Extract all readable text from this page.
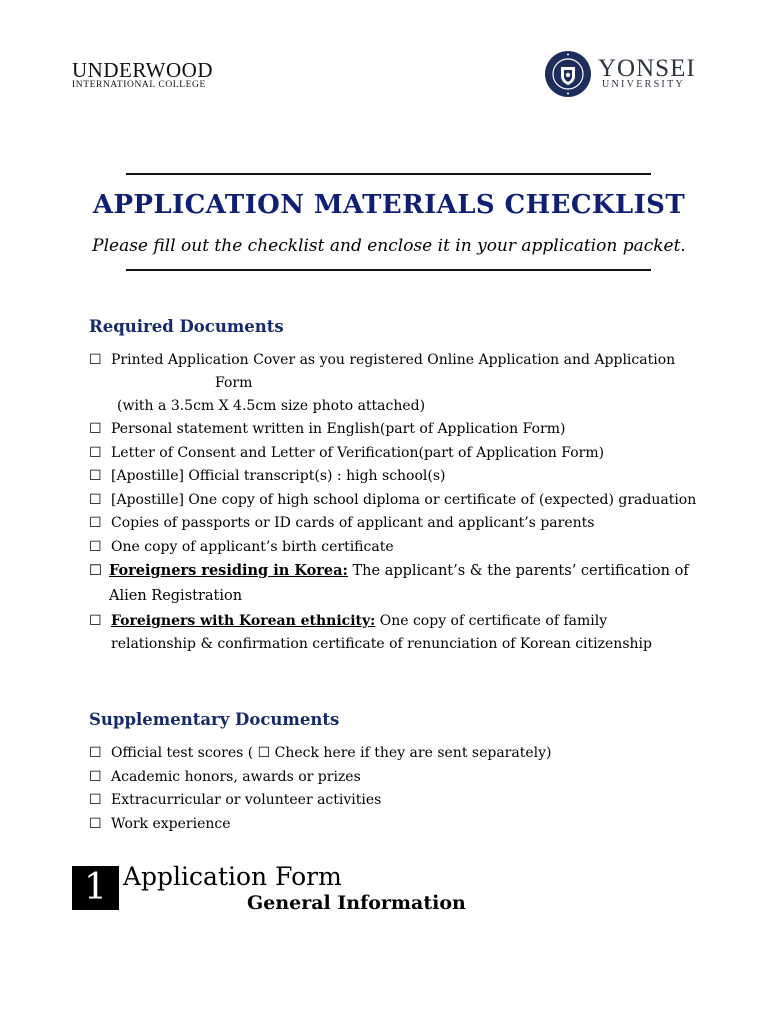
UNDERWOOD
INTERNATIONAL COLLEGE
YONSEI
UNIVERSITY
APPLICATION MATERIALS CHECKLIST
Please fill out the checklist and enclose it in your application packet.
Required Documents
☐ Printed Application Cover as you registered Online Application and Application
Form
(with a 3.5cm X 4.5cm size photo attached)
☐ Personal statement written in English(part of Application Form)
☐ Letter of Consent and Letter of Verification(part of Application Form)
☐ [Apostille] Official transcript(s) : high school(s)
☐ [Apostille] One copy of high school diploma or certificate of (expected) graduation
☐ Copies of passports or ID cards of applicant and applicant’s parents
☐ One copy of applicant’s birth certificate
☐ Foreigners residing in Korea: The applicant’s & the parents’ certification of
Alien Registration
☐ Foreigners with Korean ethnicity: One copy of certificate of family
relationship & confirmation certificate of renunciation of Korean citizenship
Supplementary Documents
☐ Official test scores ( ☐ Check here if they are sent separately)
☐ Academic honors, awards or prizes
☐ Extracurricular or volunteer activities
☐ Work experience
1 Application Form
General Information
